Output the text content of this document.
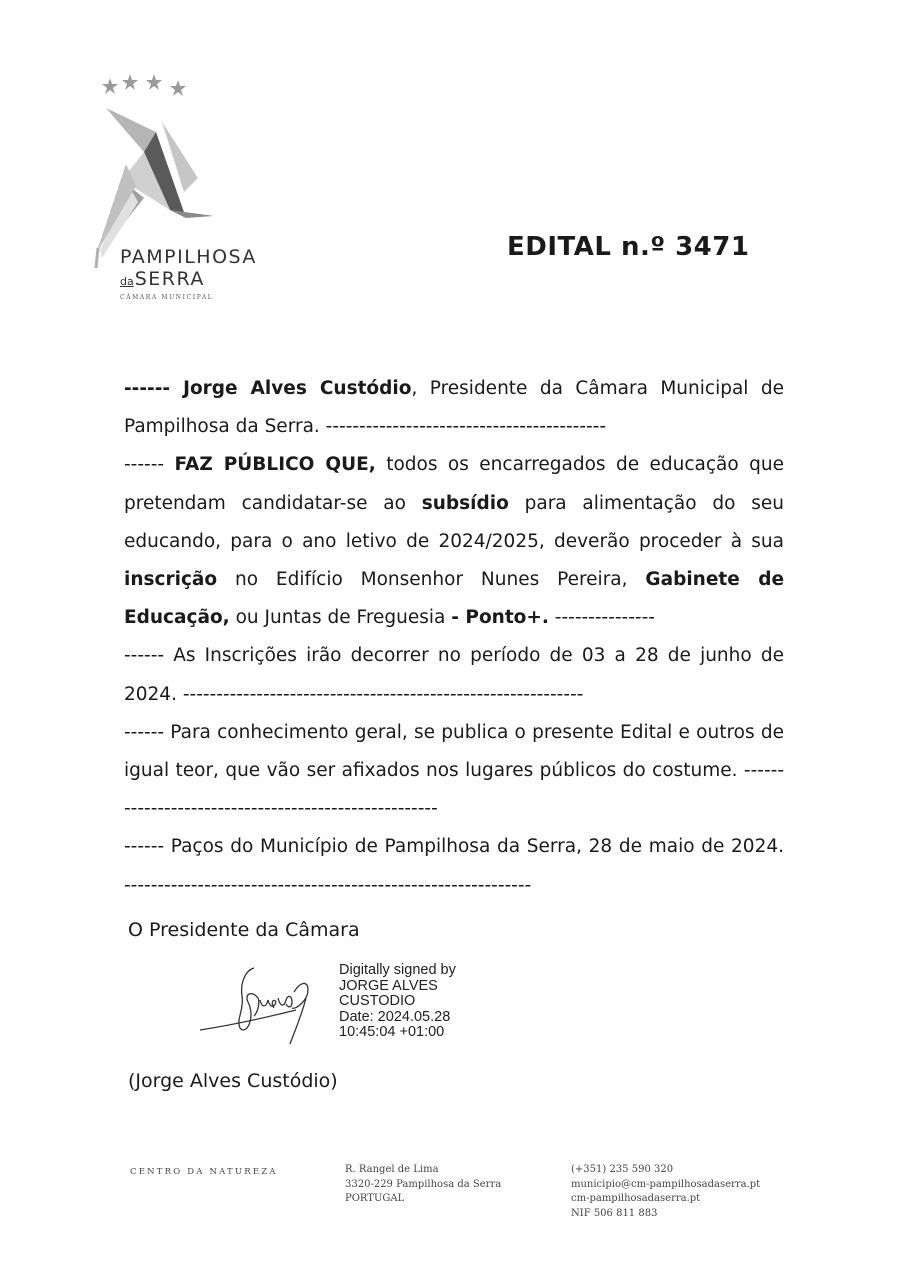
PAMPILHOSA
daSERRA
CÂMARA MUNICIPAL
EDITAL n.º 3471

------ Jorge Alves Custódio, Presidente da Câmara Municipal de Pampilhosa da Serra. ------------------------------------------

------ FAZ PÚBLICO QUE, todos os encarregados de educação que pretendam candidatar-se ao subsídio para alimentação do seu educando, para o ano letivo de 2024/2025, deverão proceder à sua inscrição no Edifício Monsenhor Nunes Pereira, Gabinete de Educação, ou Juntas de Freguesia - Ponto+. ---------------

------ As Inscrições irão decorrer no período de 03 a 28 de junho de 2024. ------------------------------------------------------------

------ Para conhecimento geral, se publica o presente Edital e outros de igual teor, que vão ser afixados nos lugares públicos do costume. -----------------------------------------------------

------ Paços do Município de Pampilhosa da Serra, 28 de maio de 2024. -------------------------------------------------------------

O Presidente da Câmara
Digitally signed by
JORGE ALVES
CUSTODIO
Date: 2024.05.28
10:45:04 +01:00
(Jorge Alves Custódio)
CENTRO DA NATUREZA	R. Rangel de Lima
3320-229 Pampilhosa da Serra
PORTUGAL
(+351) 235 590 320
municipio@cm-pampilhosadaserra.pt
cm-pampilhosadaserra.pt
NIF 506 811 883
